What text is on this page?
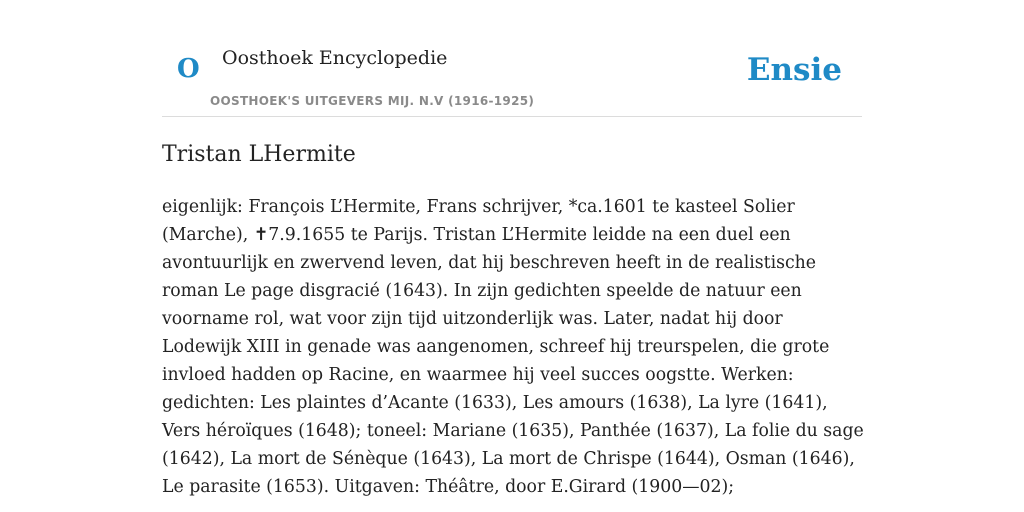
O Oosthoek Encyclopedie
OOSTHOEK'S UITGEVERS MIJ. N.V (1916-1925)
Ensie
Tristan LHermite

eigenlijk: François L’Hermite, Frans schrijver, *ca.1601 te kasteel Solier (Marche), ✝7.9.1655 te Parijs. Tristan L’Hermite leidde na een duel een avontuurlijk en zwervend leven, dat hij beschreven heeft in de realistische roman Le page disgracié (1643). In zijn gedichten speelde de natuur een voorname rol, wat voor zijn tijd uitzonderlijk was. Later, nadat hij door Lodewijk XIII in genade was aangenomen, schreef hij treurspelen, die grote invloed hadden op Racine, en waarmee hij veel succes oogstte. Werken: gedichten: Les plaintes d’Acante (1633), Les amours (1638), La lyre (1641), Vers héroïques (1648); toneel: Mariane (1635), Panthée (1637), La folie du sage (1642), La mort de Sénèque (1643), La mort de Chrispe (1644), Osman (1646), Le parasite (1653). Uitgaven: Théâtre, door E.Girard (1900—02);
